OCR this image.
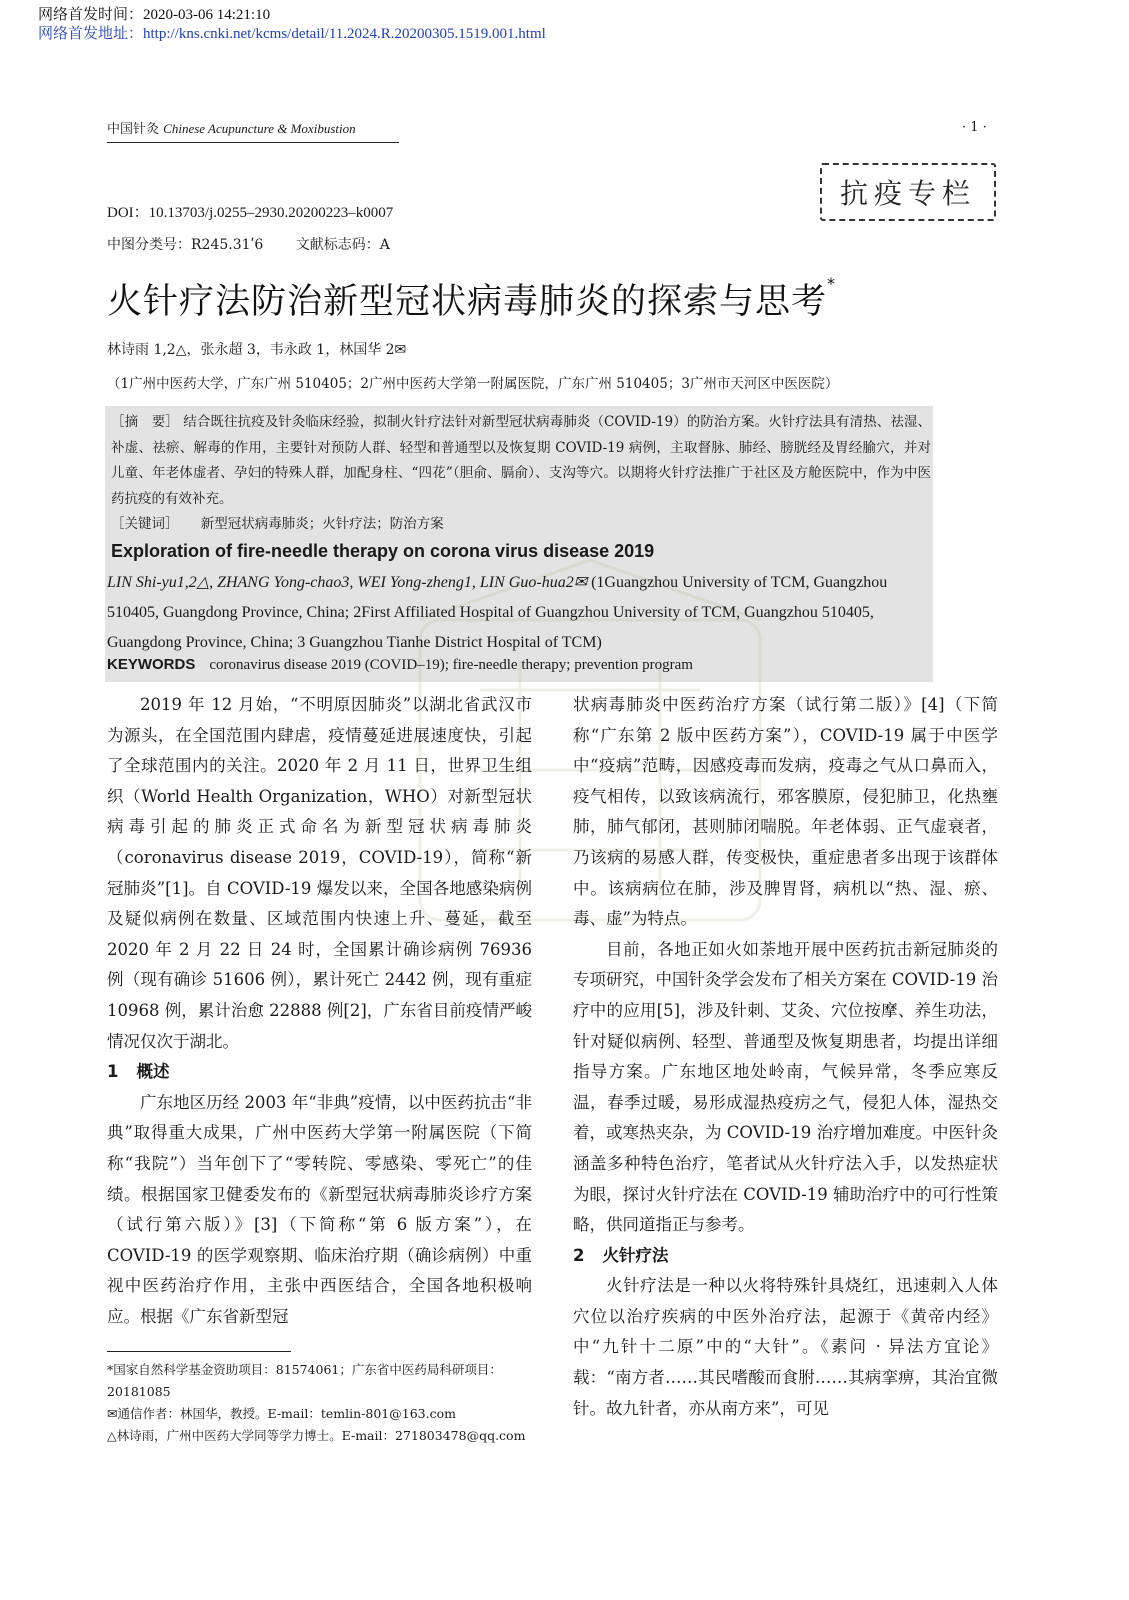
网络首发时间：2020-03-06 14:21:10
网络首发地址：http://kns.cnki.net/kcms/detail/11.2024.R.20200305.1519.001.html
中国针灸 Chinese Acupuncture & Moxibustion	· 1 ·
抗疫专栏
DOI：10.13703/j.0255–2930.20200223–k0007
中图分类号：R245.31ʹ6 文献标志码：A
火针疗法防治新型冠状病毒肺炎的探索与思考*
林诗雨 1,2△，张永超 3，韦永政 1，林国华 2✉
（1广州中医药大学，广东广州 510405；2广州中医药大学第一附属医院，广东广州 510405；3广州市天河区中医医院）
［摘　要］ 结合既往抗疫及针灸临床经验，拟制火针疗法针对新型冠状病毒肺炎（COVID-19）的防治方案。火针疗法具有清热、祛湿、补虚、祛瘀、解毒的作用，主要针对预防人群、轻型和普通型以及恢复期 COVID-19 病例，主取督脉、肺经、膀胱经及胃经腧穴，并对儿童、年老体虚者、孕妇的特殊人群，加配身柱、“四花”（胆俞、膈俞）、支沟等穴。以期将火针疗法推广于社区及方舱医院中，作为中医药抗疫的有效补充。
［关键词］ 新型冠状病毒肺炎；火针疗法；防治方案
Exploration of fire-needle therapy on corona virus disease 2019
LIN Shi-yu1,2△, ZHANG Yong-chao3, WEI Yong-zheng1, LIN Guo-hua2✉ (1Guangzhou University of TCM, Guangzhou 510405, Guangdong Province, China; 2First Affiliated Hospital of Guangzhou University of TCM, Guangzhou 510405, Guangdong Province, China; 3 Guangzhou Tianhe District Hospital of TCM)
KEYWORDS coronavirus disease 2019 (COVID–19); fire-needle therapy; prevention program

2019 年 12 月始，“不明原因肺炎”以湖北省武汉市为源头，在全国范围内肆虐，疫情蔓延进展速度快，引起了全球范围内的关注。2020 年 2 月 11 日，世界卫生组织（World Health Organization，WHO）对新型冠状病毒引起的肺炎正式命名为新型冠状病毒肺炎（coronavirus disease 2019，COVID-19），简称“新冠肺炎”[1]。自 COVID-19 爆发以来，全国各地感染病例及疑似病例在数量、区域范围内快速上升、蔓延，截至 2020 年 2 月 22 日 24 时，全国累计确诊病例 76936 例（现有确诊 51606 例），累计死亡 2442 例，现有重症 10968 例，累计治愈 22888 例[2]，广东省目前疫情严峻情况仅次于湖北。

1 概述

广东地区历经 2003 年“非典”疫情，以中医药抗击“非典”取得重大成果，广州中医药大学第一附属医院（下简称“我院”）当年创下了“零转院、零感染、零死亡”的佳绩。根据国家卫健委发布的《新型冠状病毒肺炎诊疗方案（试行第六版）》[3]（下简称“第 6 版方案”），在 COVID-19 的医学观察期、临床治疗期（确诊病例）中重视中医药治疗作用，主张中西医结合，全国各地积极响应。根据《广东省新型冠

状病毒肺炎中医药治疗方案（试行第二版）》[4]（下简称“广东第 2 版中医药方案”），COVID-19 属于中医学中“疫病”范畴，因感疫毒而发病，疫毒之气从口鼻而入，疫气相传，以致该病流行，邪客膜原，侵犯肺卫，化热壅肺，肺气郁闭，甚则肺闭喘脱。年老体弱、正气虚衰者，乃该病的易感人群，传变极快，重症患者多出现于该群体中。该病病位在肺，涉及脾胃肾，病机以“热、湿、瘀、毒、虚”为特点。

目前，各地正如火如荼地开展中医药抗击新冠肺炎的专项研究，中国针灸学会发布了相关方案在 COVID-19 治疗中的应用[5]，涉及针刺、艾灸、穴位按摩、养生功法，针对疑似病例、轻型、普通型及恢复期患者，均提出详细指导方案。广东地区地处岭南，气候异常，冬季应寒反温，春季过暖，易形成湿热疫疠之气，侵犯人体，湿热交着，或寒热夹杂，为 COVID-19 治疗增加难度。中医针灸涵盖多种特色治疗，笔者试从火针疗法入手，以发热症状为眼，探讨火针疗法在 COVID-19 辅助治疗中的可行性策略，供同道指正与参考。

2 火针疗法

火针疗法是一种以火将特殊针具烧红，迅速刺入人体穴位以治疗疾病的中医外治疗法，起源于《黄帝内经》中“九针十二原”中的“大针”。《素问 · 异法方宜论》载：“南方者……其民嗜酸而食胕……其病挛痹，其治宜微针。故九针者，亦从南方来”，可见

*国家自然科学基金资助项目：81574061；广东省中医药局科研项目：20181085
✉通信作者：林国华，教授。E-mail：temlin-801@163.com
△林诗雨，广州中医药大学同等学力博士。E-mail：271803478@qq.com
